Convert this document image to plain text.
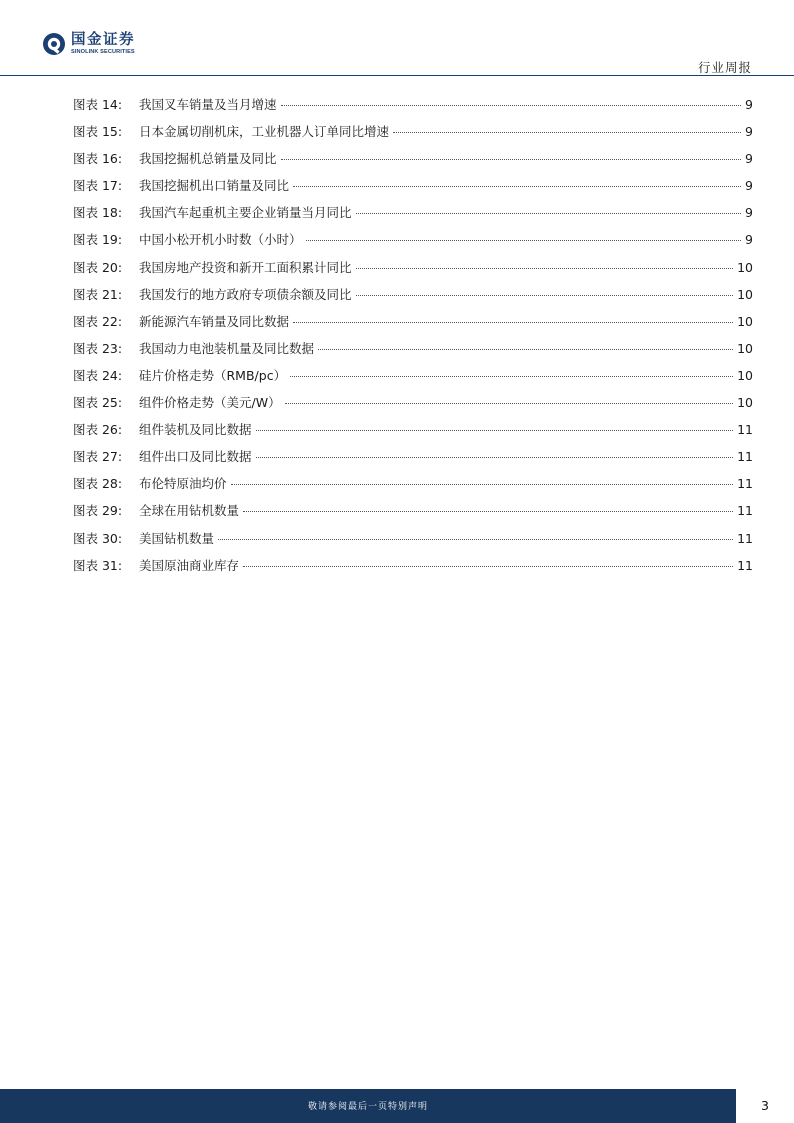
国金证券
SINOLINK SECURITIES
行业周报
图表 14:	我国叉车销量及当月增速	9
图表 15:	日本金属切削机床，工业机器人订单同比增速	9
图表 16:	我国挖掘机总销量及同比	9
图表 17:	我国挖掘机出口销量及同比	9
图表 18:	我国汽车起重机主要企业销量当月同比	9
图表 19:	中国小松开机小时数（小时）	9
图表 20:	我国房地产投资和新开工面积累计同比	10
图表 21:	我国发行的地方政府专项债余额及同比	10
图表 22:	新能源汽车销量及同比数据	10
图表 23:	我国动力电池装机量及同比数据	10
图表 24:	硅片价格走势（RMB/pc）	10
图表 25:	组件价格走势（美元/W）	10
图表 26:	组件装机及同比数据	11
图表 27:	组件出口及同比数据	11
图表 28:	布伦特原油均价	11
图表 29:	全球在用钻机数量	11
图表 30:	美国钻机数量	11
图表 31:	美国原油商业库存	11
敬请参阅最后一页特别声明	3
